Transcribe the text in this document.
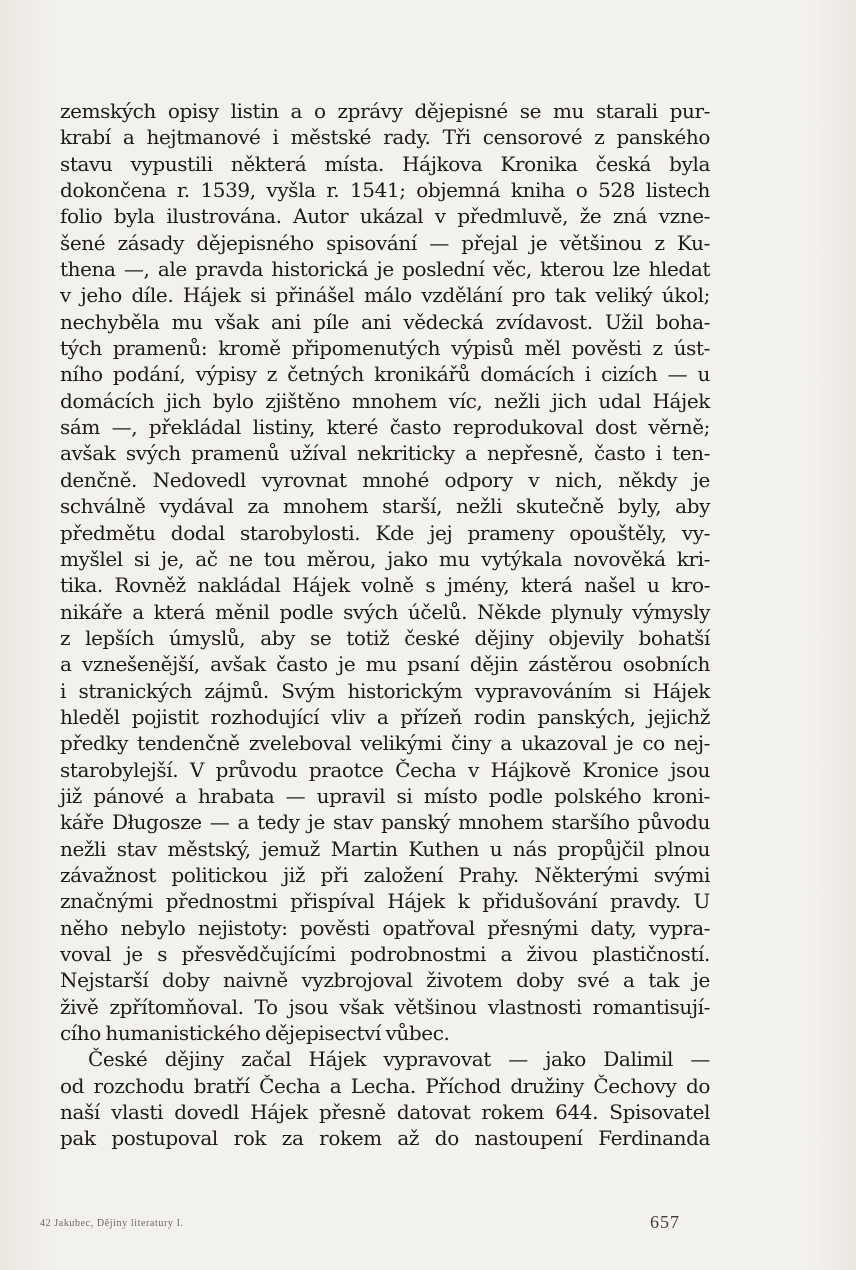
zemských opisy listin a o zprávy dějepisné se mu starali pur-
krabí a hejtmanové i městské rady. Tři censorové z panského
stavu vypustili některá místa. Hájkova Kronika česká byla
dokončena r. 1539, vyšla r. 1541; objemná kniha o 528 listech
folio byla ilustrována. Autor ukázal v předmluvě, že zná vzne-
šené zásady dějepisného spisování — přejal je většinou z Ku-
thena —, ale pravda historická je poslední věc, kterou lze hledat
v jeho díle. Hájek si přinášel málo vzdělání pro tak veliký úkol;
nechyběla mu však ani píle ani vědecká zvídavost. Užil boha-
tých pramenů: kromě připomenutých výpisů měl pověsti z úst-
ního podání, výpisy z četných kronikářů domácích i cizích — u
domácích jich bylo zjištěno mnohem víc, nežli jich udal Hájek
sám —, překládal listiny, které často reprodukoval dost věrně;
avšak svých pramenů užíval nekriticky a nepřesně, často i ten-
denčně. Nedovedl vyrovnat mnohé odpory v nich, někdy je
schválně vydával za mnohem starší, nežli skutečně byly, aby
předmětu dodal starobylosti. Kde jej prameny opouštěly, vy-
myšlel si je, ač ne tou měrou, jako mu vytýkala novověká kri-
tika. Rovněž nakládal Hájek volně s jmény, která našel u kro-
nikáře a která měnil podle svých účelů. Někde plynuly výmysly
z lepších úmyslů, aby se totiž české dějiny objevily bohatší
a vznešenější, avšak často je mu psaní dějin zástěrou osobních
i stranických zájmů. Svým historickým vypravováním si Hájek
hleděl pojistit rozhodující vliv a přízeň rodin panských, jejichž
předky tendenčně zveleboval velikými činy a ukazoval je co nej-
starobylejší. V průvodu praotce Čecha v Hájkově Kronice jsou
již pánové a hrabata — upravil si místo podle polského kroni-
káře Długosze — a tedy je stav panský mnohem staršího původu
nežli stav městský, jemuž Martin Kuthen u nás propůjčil plnou
závažnost politickou již při založení Prahy. Některými svými
značnými přednostmi přispíval Hájek k přidušování pravdy. U
něho nebylo nejistoty: pověsti opatřoval přesnými daty, vypra-
voval je s přesvědčujícími podrobnostmi a živou plastičností.
Nejstarší doby naivně vyzbrojoval životem doby své a tak je
živě zpřítomňoval. To jsou však většinou vlastnosti romantisují-
cího humanistického dějepisectví vůbec.
České dějiny začal Hájek vypravovat — jako Dalimil —
od rozchodu bratří Čecha a Lecha. Příchod družiny Čechovy do
naší vlasti dovedl Hájek přesně datovat rokem 644. Spisovatel
pak postupoval rok za rokem až do nastoupení Ferdinanda
42 Jakubec, Dějiny literatury I.	657
